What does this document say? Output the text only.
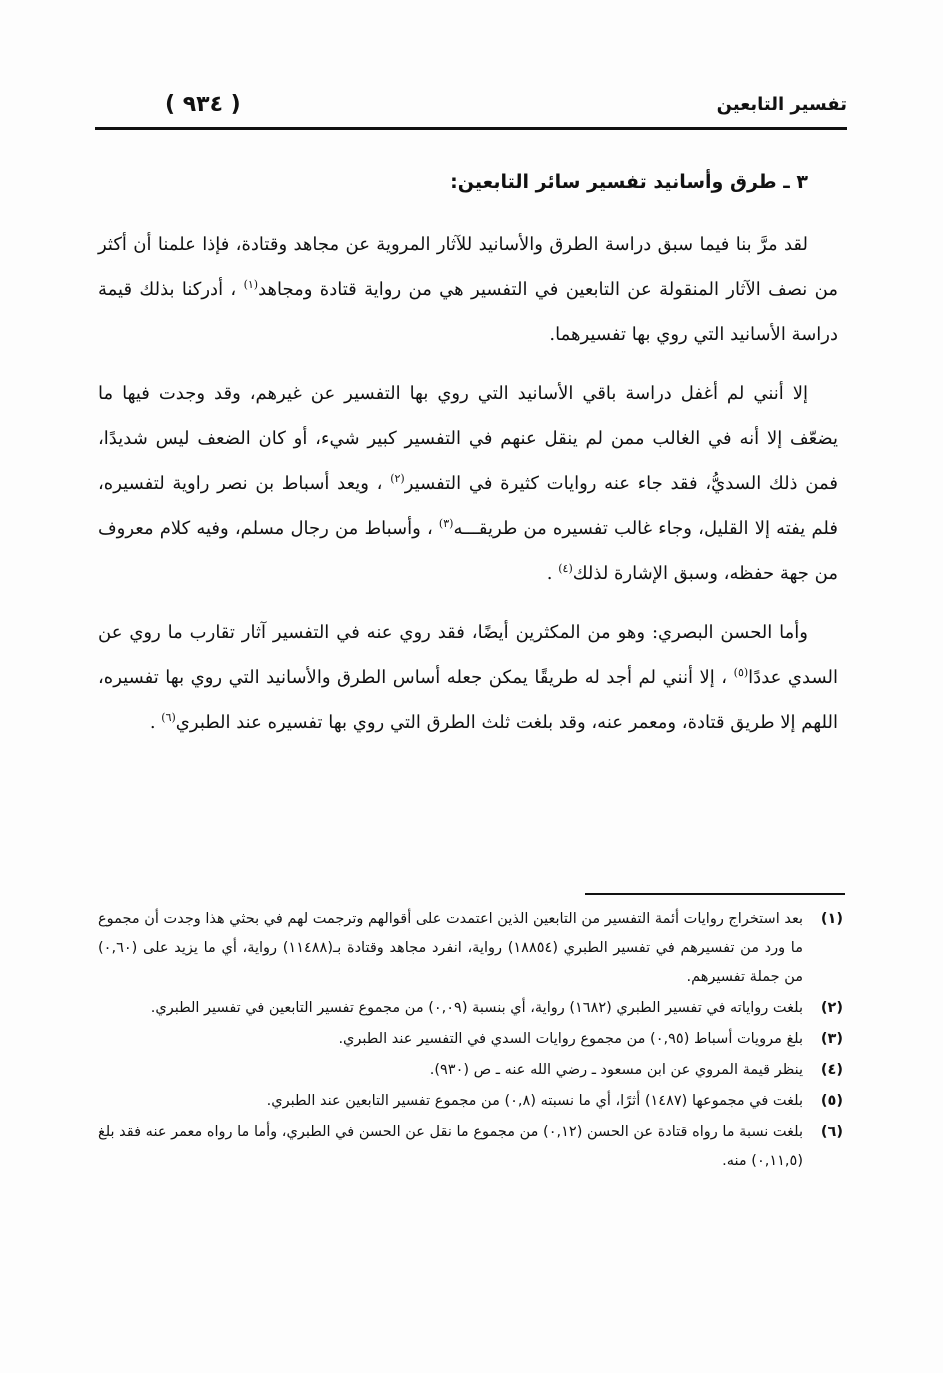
( ٩٣٤ )	تفسير التابعين
٣ ـ طرق وأسانيد تفسير سائر التابعين:

لقد مرَّ بنا فيما سبق دراسة الطرق والأسانيد للآثار المروية عن مجاهد وقتادة، فإذا علمنا أن أكثر من نصف الآثار المنقولة عن التابعين في التفسير هي من رواية قتادة ومجاهد$^{(١)}$ ، أدركنا بذلك قيمة دراسة الأسانيد التي روي بها تفسيرهما.

إلا أنني لم أغفل دراسة باقي الأسانيد التي روي بها التفسير عن غيرهم، وقد وجدت فيها ما يضعّف إلا أنه في الغالب ممن لم ينقل عنهم في التفسير كبير شيء، أو كان الضعف ليس شديدًا، فمن ذلك السديُّ، فقد جاء عنه روايات كثيرة في التفسير$^{(٢)}$ ، ويعد أسباط بن نصر راوية لتفسيره، فلم يفته إلا القليل، وجاء غالب تفسيره من طريقـــه$^{(٣)}$ ، وأسباط من رجال مسلم، وفيه كلام معروف من جهة حفظه، وسبق الإشارة لذلك$^{(٤)}$ .

وأما الحسن البصري: وهو من المكثرين أيضًا، فقد روي عنه في التفسير آثار تقارب ما روي عن السدي عددًا$^{(٥)}$ ، إلا أنني لم أجد له طريقًا يمكن جعله أساس الطرق والأسانيد التي روي بها تفسيره، اللهم إلا طريق قتادة، ومعمر عنه، وقد بلغت ثلث الطرق التي روي بها تفسيره عند الطبري$^{(٦)}$ .

(١)
بعد استخراج روايات أئمة التفسير من التابعين الذين اعتمدت على أقوالهم وترجمت لهم في بحثي هذا وجدت أن مجموع ما ورد من تفسيرهم في تفسير الطبري (١٨٨٥٤) رواية، انفرد مجاهد وقتادة بـ(١١٤٨٨) رواية، أي ما يزيد على (٠,٦٠) من جملة تفسيرهم.
(٢)
بلغت رواياته في تفسير الطبري (١٦٨٢) رواية، أي بنسبة (٠,٠٩) من مجموع تفسير التابعين في تفسير الطبري.
(٣)
بلغ مرويات أسباط (٠,٩٥) من مجموع روايات السدي في التفسير عند الطبري.
(٤)
ينظر قيمة المروي عن ابن مسعود ـ رضي الله عنه ـ ص (٩٣٠).
(٥)
بلغت في مجموعها (١٤٨٧) أثرًا، أي ما نسبته (٠,٨) من مجموع تفسير التابعين عند الطبري.
(٦)
بلغت نسبة ما رواه قتادة عن الحسن (٠,١٢) من مجموع ما نقل عن الحسن في الطبري، وأما ما رواه معمر عنه فقد بلغ (٠,١١,٥) منه.
